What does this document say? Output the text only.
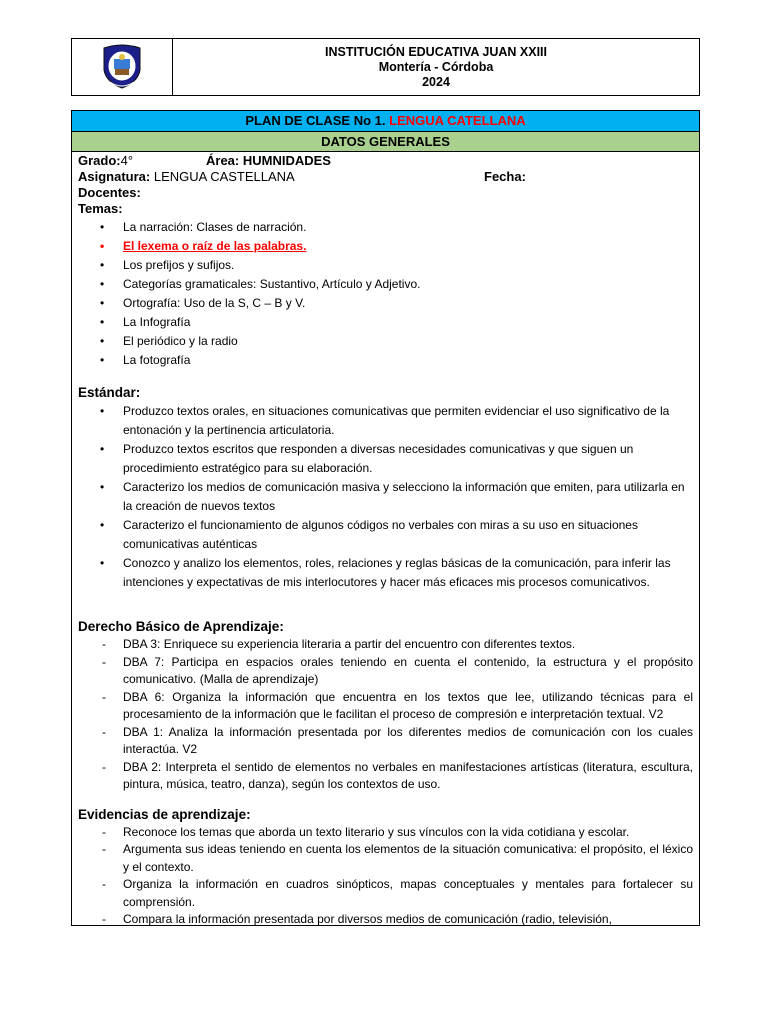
INSTITUCIÓN EDUCATIVA JUAN XXIII
Montería - Córdoba
2024
PLAN DE CLASE No 1. LENGUA CATELLANA
DATOS GENERALES
Grado:4°	Área: HUMNIDADES
Asignatura: LENGUA CASTELLANA	Fecha:
Docentes:
Temas:
• La narración: Clases de narración.
• El lexema o raíz de las palabras.
• Los prefijos y sufijos.
• Categorías gramaticales: Sustantivo, Artículo y Adjetivo.
• Ortografía: Uso de la S, C – B y V.
• La Infografía
• El periódico y la radio
• La fotografía
Estándar:
• Produzco textos orales, en situaciones comunicativas que permiten evidenciar el uso significativo de la entonación y la pertinencia articulatoria.
• Produzco textos escritos que responden a diversas necesidades comunicativas y que siguen un procedimiento estratégico para su elaboración.
• Caracterizo los medios de comunicación masiva y selecciono la información que emiten, para utilizarla en la creación de nuevos textos
• Caracterizo el funcionamiento de algunos códigos no verbales con miras a su uso en situaciones comunicativas auténticas
• Conozco y analizo los elementos, roles, relaciones y reglas básicas de la comunicación, para inferir las intenciones y expectativas de mis interlocutores y hacer más eficaces mis procesos comunicativos.
Derecho Básico de Aprendizaje:
- DBA 3: Enriquece su experiencia literaria a partir del encuentro con diferentes textos.
- DBA 7: Participa en espacios orales teniendo en cuenta el contenido, la estructura y el propósito comunicativo. (Malla de aprendizaje)
- DBA 6: Organiza la información que encuentra en los textos que lee, utilizando técnicas para el procesamiento de la información que le facilitan el proceso de compresión e interpretación textual. V2
- DBA 1: Analiza la información presentada por los diferentes medios de comunicación con los cuales interactúa. V2
- DBA 2: Interpreta el sentido de elementos no verbales en manifestaciones artísticas (literatura, escultura, pintura, música, teatro, danza), según los contextos de uso.
Evidencias de aprendizaje:
- Reconoce los temas que aborda un texto literario y sus vínculos con la vida cotidiana y escolar.
- Argumenta sus ideas teniendo en cuenta los elementos de la situación comunicativa: el propósito, el léxico y el contexto.
- Organiza la información en cuadros sinópticos, mapas conceptuales y mentales para fortalecer su comprensión.
- Compara la información presentada por diversos medios de comunicación (radio, televisión,
